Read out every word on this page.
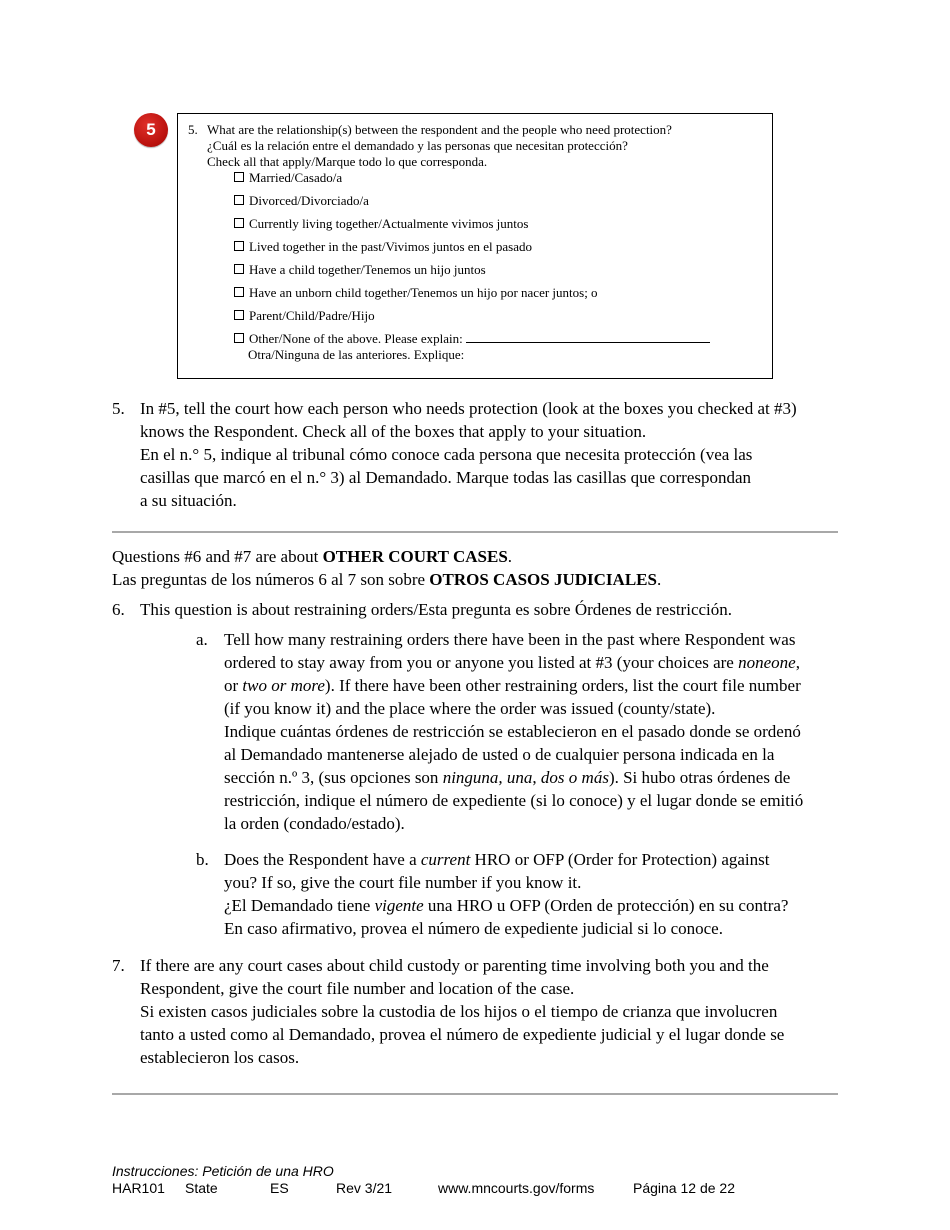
5	5. What are the relationship(s) between the respondent and the people who need protection?
¿Cuál es la relación entre el demandado y las personas que necesitan protección?
Check all that apply/Marque todo lo que corresponda.
Married/Casado/a
Divorced/Divorciado/a
Currently living together/Actualmente vivimos juntos
Lived together in the past/Vivimos juntos en el pasado
Have a child together/Tenemos un hijo juntos
Have an unborn child together/Tenemos un hijo por nacer juntos; o
Parent/Child/Padre/Hijo
Other/None of the above. Please explain:
Otra/Ninguna de las anteriores. Explique:
5. In #5, tell the court how each person who needs protection (look at the boxes you checked at #3)
knows the Respondent. Check all of the boxes that apply to your situation.
En el n.° 5, indique al tribunal cómo conoce cada persona que necesita protección (vea las
casillas que marcó en el n.° 3) al Demandado. Marque todas las casillas que correspondan
a su situación.
Questions #6 and #7 are about OTHER COURT CASES.
Las preguntas de los números 6 al 7 son sobre OTROS CASOS JUDICIALES.
6. This question is about restraining orders/Esta pregunta es sobre Órdenes de restricción.
a. Tell how many restraining orders there have been in the past where Respondent was
ordered to stay away from you or anyone you listed at #3 (your choices are noneone,
or two or more). If there have been other restraining orders, list the court file number
(if you know it) and the place where the order was issued (county/state).
Indique cuántas órdenes de restricción se establecieron en el pasado donde se ordenó
al Demandado mantenerse alejado de usted o de cualquier persona indicada en la
sección n.º 3, (sus opciones son ninguna, una, dos o más). Si hubo otras órdenes de
restricción, indique el número de expediente (si lo conoce) y el lugar donde se emitió
la orden (condado/estado).
b. Does the Respondent have a current HRO or OFP (Order for Protection) against
you? If so, give the court file number if you know it.
¿El Demandado tiene vigente una HRO u OFP (Orden de protección) en su contra?
En caso afirmativo, provea el número de expediente judicial si lo conoce.
7. If there are any court cases about child custody or parenting time involving both you and the
Respondent, give the court file number and location of the case.
Si existen casos judiciales sobre la custodia de los hijos o el tiempo de crianza que involucren
tanto a usted como al Demandado, provea el número de expediente judicial y el lugar donde se
establecieron los casos.
Instrucciones: Petición de una HRO
HAR101 State	ES	Rev 3/21	www.mncourts.gov/forms	Página 12 de 22
